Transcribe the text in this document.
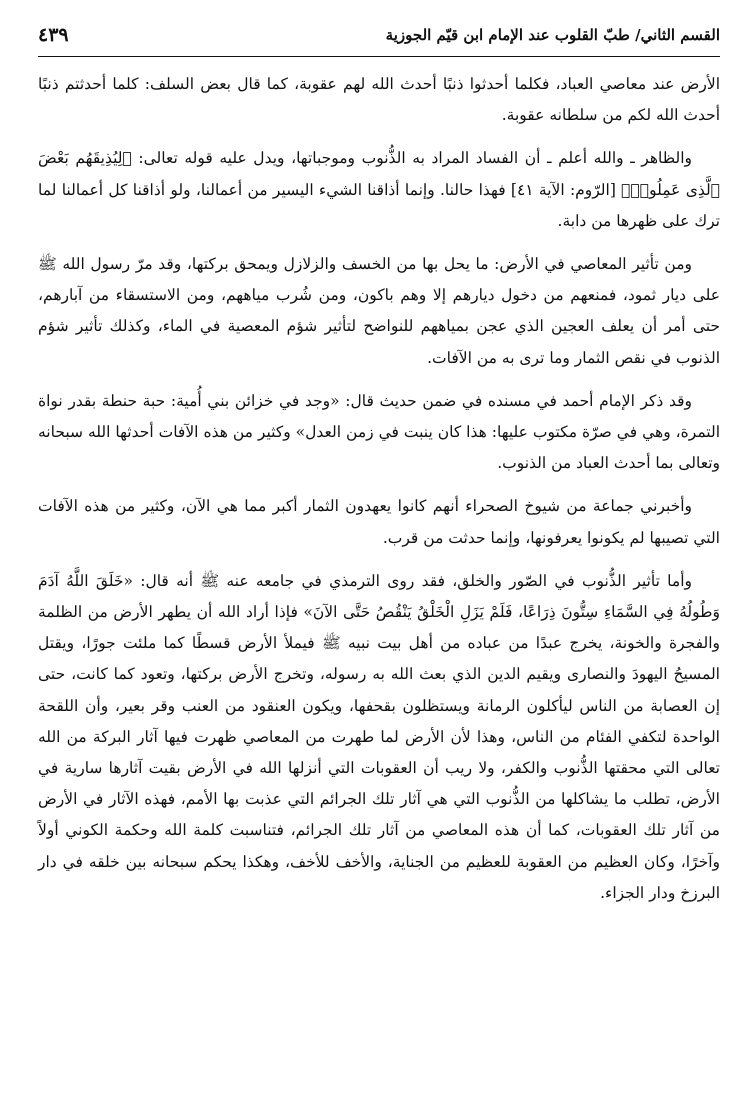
القسم الثاني/ طبّ القلوب عند الإمام ابن قيّم الجوزية
٤٣٩

الأرض عند معاصي العباد، فكلما أحدثوا ذنبًا أحدث الله لهم عقوبة، كما قال بعض السلف: كلما أحدثتم ذنبًا أحدث الله لكم من سلطانه عقوبة.

والظاهر ـ والله أعلم ـ أن الفساد المراد به الذُّنوب وموجباتها، ويدل عليه قوله تعالى: ﴿لِيُذِيقَهُم بَعْضَ ٱلَّذِى عَمِلُوا۟﴾ [الرّوم: الآية ٤١] فهذا حالنا. وإنما أذاقنا الشيء اليسير من أعمالنا، ولو أذاقنا كل أعمالنا لما ترك على ظهرها من دابة.

ومن تأثير المعاصي في الأرض: ما يحل بها من الخسف والزلازل ويمحق بركتها، وقد مرّ رسول الله ﷺ على ديار ثمود، فمنعهم من دخول ديارهم إلا وهم باكون، ومن شُرب مياههم، ومن الاستسقاء من آبارهم، حتى أمر أن يعلف العجين الذي عجن بمياههم للنواضح لتأثير شؤم المعصية في الماء، وكذلك تأثير شؤم الذنوب في نقص الثمار وما ترى به من الآفات.

وقد ذكر الإمام أحمد في مسنده في ضمن حديث قال: «وجد في خزائن بني أُمية: حبة حنطة بقدر نواة التمرة، وهي في صرّة مكتوب عليها: هذا كان ينبت في زمن العدل» وكثير من هذه الآفات أحدثها الله سبحانه وتعالى بما أحدث العباد من الذنوب.

وأخبرني جماعة من شيوخ الصحراء أنهم كانوا يعهدون الثمار أكبر مما هي الآن، وكثير من هذه الآفات التي تصيبها لم يكونوا يعرفونها، وإنما حدثت من قرب.

وأما تأثير الذُّنوب في الصّور والخلق، فقد روى الترمذي في جامعه عنه ﷺ أنه قال: «خَلَقَ اللَّهُ آدَمَ وَطُولُهُ فِي السَّمَاءِ سِتُّونَ ذِرَاعًا، فَلَمْ يَزَلِ الْخَلْقُ يَنْقُصُ حَتَّى الآنَ» فإذا أراد الله أن يطهر الأرض من الظلمة والفجرة والخونة، يخرج عبدًا من عباده من أهل بيت نبيه ﷺ فيملأ الأرض قسطًا كما ملئت جورًا، ويقتل المسيحُ اليهودَ والنصارى ويقيم الدين الذي بعث الله به رسوله، وتخرج الأرض بركتها، وتعود كما كانت، حتى إن العصابة من الناس ليأكلون الرمانة ويستظلون بقحفها، ويكون العنقود من العنب وقر بعير، وأن اللقحة الواحدة لتكفي الفئام من الناس، وهذا لأن الأرض لما طهرت من المعاصي ظهرت فيها آثار البركة من الله تعالى التي محقتها الذُّنوب والكفر، ولا ريب أن العقوبات التي أنزلها الله في الأرض بقيت آثارها سارية في الأرض، تطلب ما يشاكلها من الذُّنوب التي هي آثار تلك الجرائم التي عذبت بها الأمم، فهذه الآثار في الأرض من آثار تلك العقوبات، كما أن هذه المعاصي من آثار تلك الجرائم، فتناسبت كلمة الله وحكمة الكوني أولاً وآخرًا، وكان العظيم من العقوبة للعظيم من الجناية، والأخف للأخف، وهكذا يحكم سبحانه بين خلقه في دار البرزخ ودار الجزاء.
